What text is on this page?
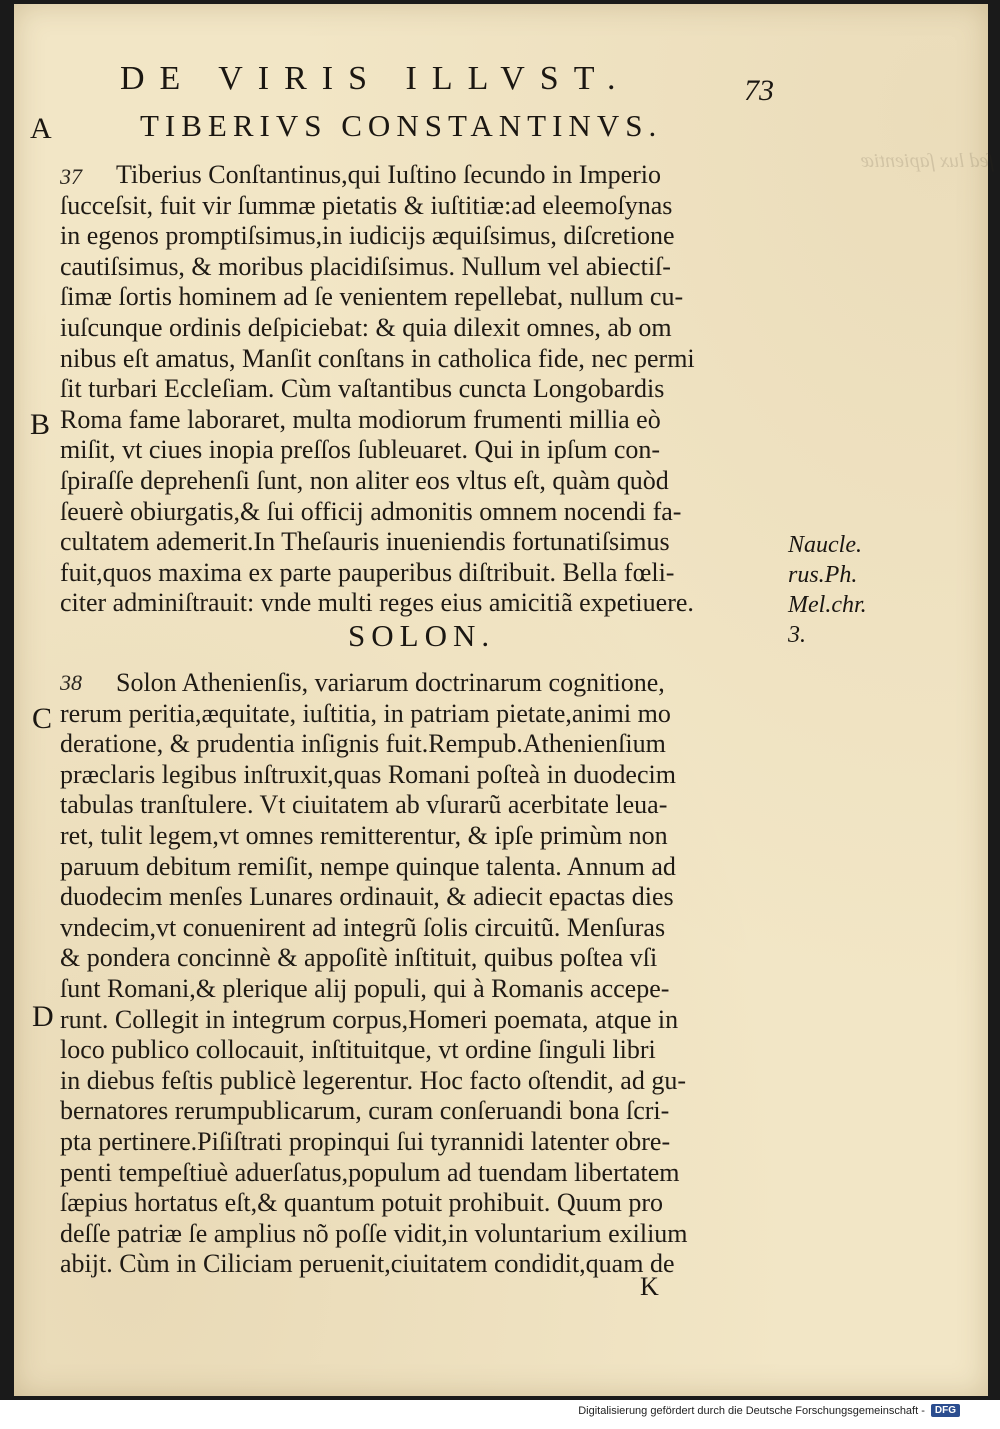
ſed lux ſapientiæ
DE VIRIS ILLVST.	73
A	TIBERIVS CONSTANTINVS.
37
B
Tiberius Conſtantinus,qui Iuſtino ſecundo in Imperio
ſucceſsit, fuit vir ſummæ pietatis & iuſtitiæ:ad eleemoſynas
in egenos promptiſsimus,in iudicijs æquiſsimus, diſcretione
cautiſsimus, & moribus placidiſsimus. Nullum vel abiectiſ-
ſimæ ſortis hominem ad ſe venientem repellebat, nullum cu-
iuſcunque ordinis deſpiciebat: & quia dilexit omnes, ab om
nibus eſt amatus, Manſit conſtans in catholica fide, nec permi
ſit turbari Eccleſiam. Cùm vaſtantibus cuncta Longobardis
Roma fame laboraret, multa modiorum frumenti millia eò
miſit, vt ciues inopia preſſos ſubleuaret. Qui in ipſum con-
ſpiraſſe deprehenſi ſunt, non aliter eos vltus eſt, quàm quòd
ſeuerè obiurgatis,& ſui officij admonitis omnem nocendi fa-
cultatem ademerit.In Theſauris inueniendis fortunatiſsimus
fuit,quos maxima ex parte pauperibus diſtribuit. Bella fœli-
citer adminiſtrauit: vnde multi reges eius amicitiã expetiuere.
Naucle.
rus.Ph.
Mel.chr.
3.
SOLON.
38
C
D
Solon Athenienſis, variarum doctrinarum cognitione,
rerum peritia,æquitate, iuſtitia, in patriam pietate,animi mo
deratione, & prudentia inſignis fuit.Rempub.Athenienſium
præclaris legibus inſtruxit,quas Romani poſteà in duodecim
tabulas tranſtulere. Vt ciuitatem ab vſurarũ acerbitate leua-
ret, tulit legem,vt omnes remitterentur, & ipſe primùm non
paruum debitum remiſit, nempe quinque talenta. Annum ad
duodecim menſes Lunares ordinauit, & adiecit epactas dies
vndecim,vt conuenirent ad integrũ ſolis circuitũ. Menſuras
& pondera concinnè & appoſitè inſtituit, quibus poſtea vſi
ſunt Romani,& plerique alij populi, qui à Romanis accepe-
runt. Collegit in integrum corpus,Homeri poemata, atque in
loco publico collocauit, inſtituitque, vt ordine ſinguli libri
in diebus feſtis publicè legerentur. Hoc facto oſtendit, ad gu-
bernatores rerumpublicarum, curam conſeruandi bona ſcri-
pta pertinere.Piſiſtrati propinqui ſui tyrannidi latenter obre-
penti tempeſtiuè aduerſatus,populum ad tuendam libertatem
ſæpius hortatus eſt,& quantum potuit prohibuit. Quum pro
deſſe patriæ ſe amplius nõ poſſe vidit,in voluntarium exilium
abijt. Cùm in Ciliciam peruenit,ciuitatem condidit,quam de
K
Digitalisierung gefördert durch die Deutsche Forschungsgemeinschaft -	DFG
